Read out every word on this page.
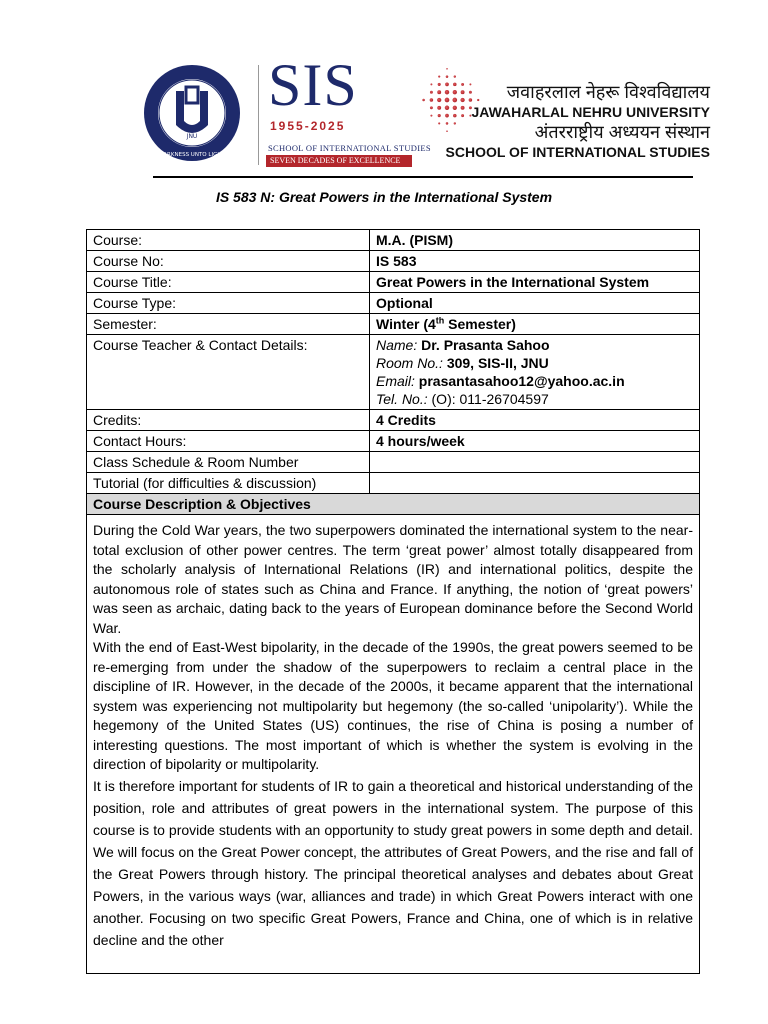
JNU
DARKNESS UNTO LIGHT
SIS
1955-2025
SCHOOL OF INTERNATIONAL STUDIES
SEVEN DECADES OF EXCELLENCE
जवाहरलाल नेहरू विश्वविद्यालय
JAWAHARLAL NEHRU UNIVERSITY
अंतरराष्ट्रीय अध्ययन संस्थान
SCHOOL OF INTERNATIONAL STUDIES
IS 583 N: Great Powers in the International System
Course:	M.A. (PISM)
Course No:	IS 583
Course Title:	Great Powers in the International System
Course Type:	Optional
Semester:	Winter (4th Semester)
Course Teacher & Contact Details:	Name: Dr. Prasanta Sahoo
Room No.: 309, SIS-II, JNU
Email: prasantasahoo12@yahoo.ac.in
Tel. No.: (O): 011-26704597

Credits:	4 Credits
Contact Hours:	4 hours/week
Class Schedule & Room Number	
Tutorial (for difficulties & discussion)	
Course Description & Objectives	

During the Cold War years, the two superpowers dominated the international system to the near-total exclusion of other power centres. The term ‘great power’ almost totally disappeared from the scholarly analysis of International Relations (IR) and international politics, despite the autonomous role of states such as China and France. If anything, the notion of ‘great powers’ was seen as archaic, dating back to the years of European dominance before the Second World War.

With the end of East-West bipolarity, in the decade of the 1990s, the great powers seemed to be re-emerging from under the shadow of the superpowers to reclaim a central place in the discipline of IR. However, in the decade of the 2000s, it became apparent that the international system was experiencing not multipolarity but hegemony (the so-called ‘unipolarity’). While the hegemony of the United States (US) continues, the rise of China is posing a number of interesting questions. The most important of which is whether the system is evolving in the direction of bipolarity or multipolarity.

It is therefore important for students of IR to gain a theoretical and historical understanding of the position, role and attributes of great powers in the international system. The purpose of this course is to provide students with an opportunity to study great powers in some depth and detail. We will focus on the Great Power concept, the attributes of Great Powers, and the rise and fall of the Great Powers through history. The principal theoretical analyses and debates about Great Powers, in the various ways (war, alliances and trade) in which Great Powers interact with one another. Focusing on two specific Great Powers, France and China, one of which is in relative decline and the other
